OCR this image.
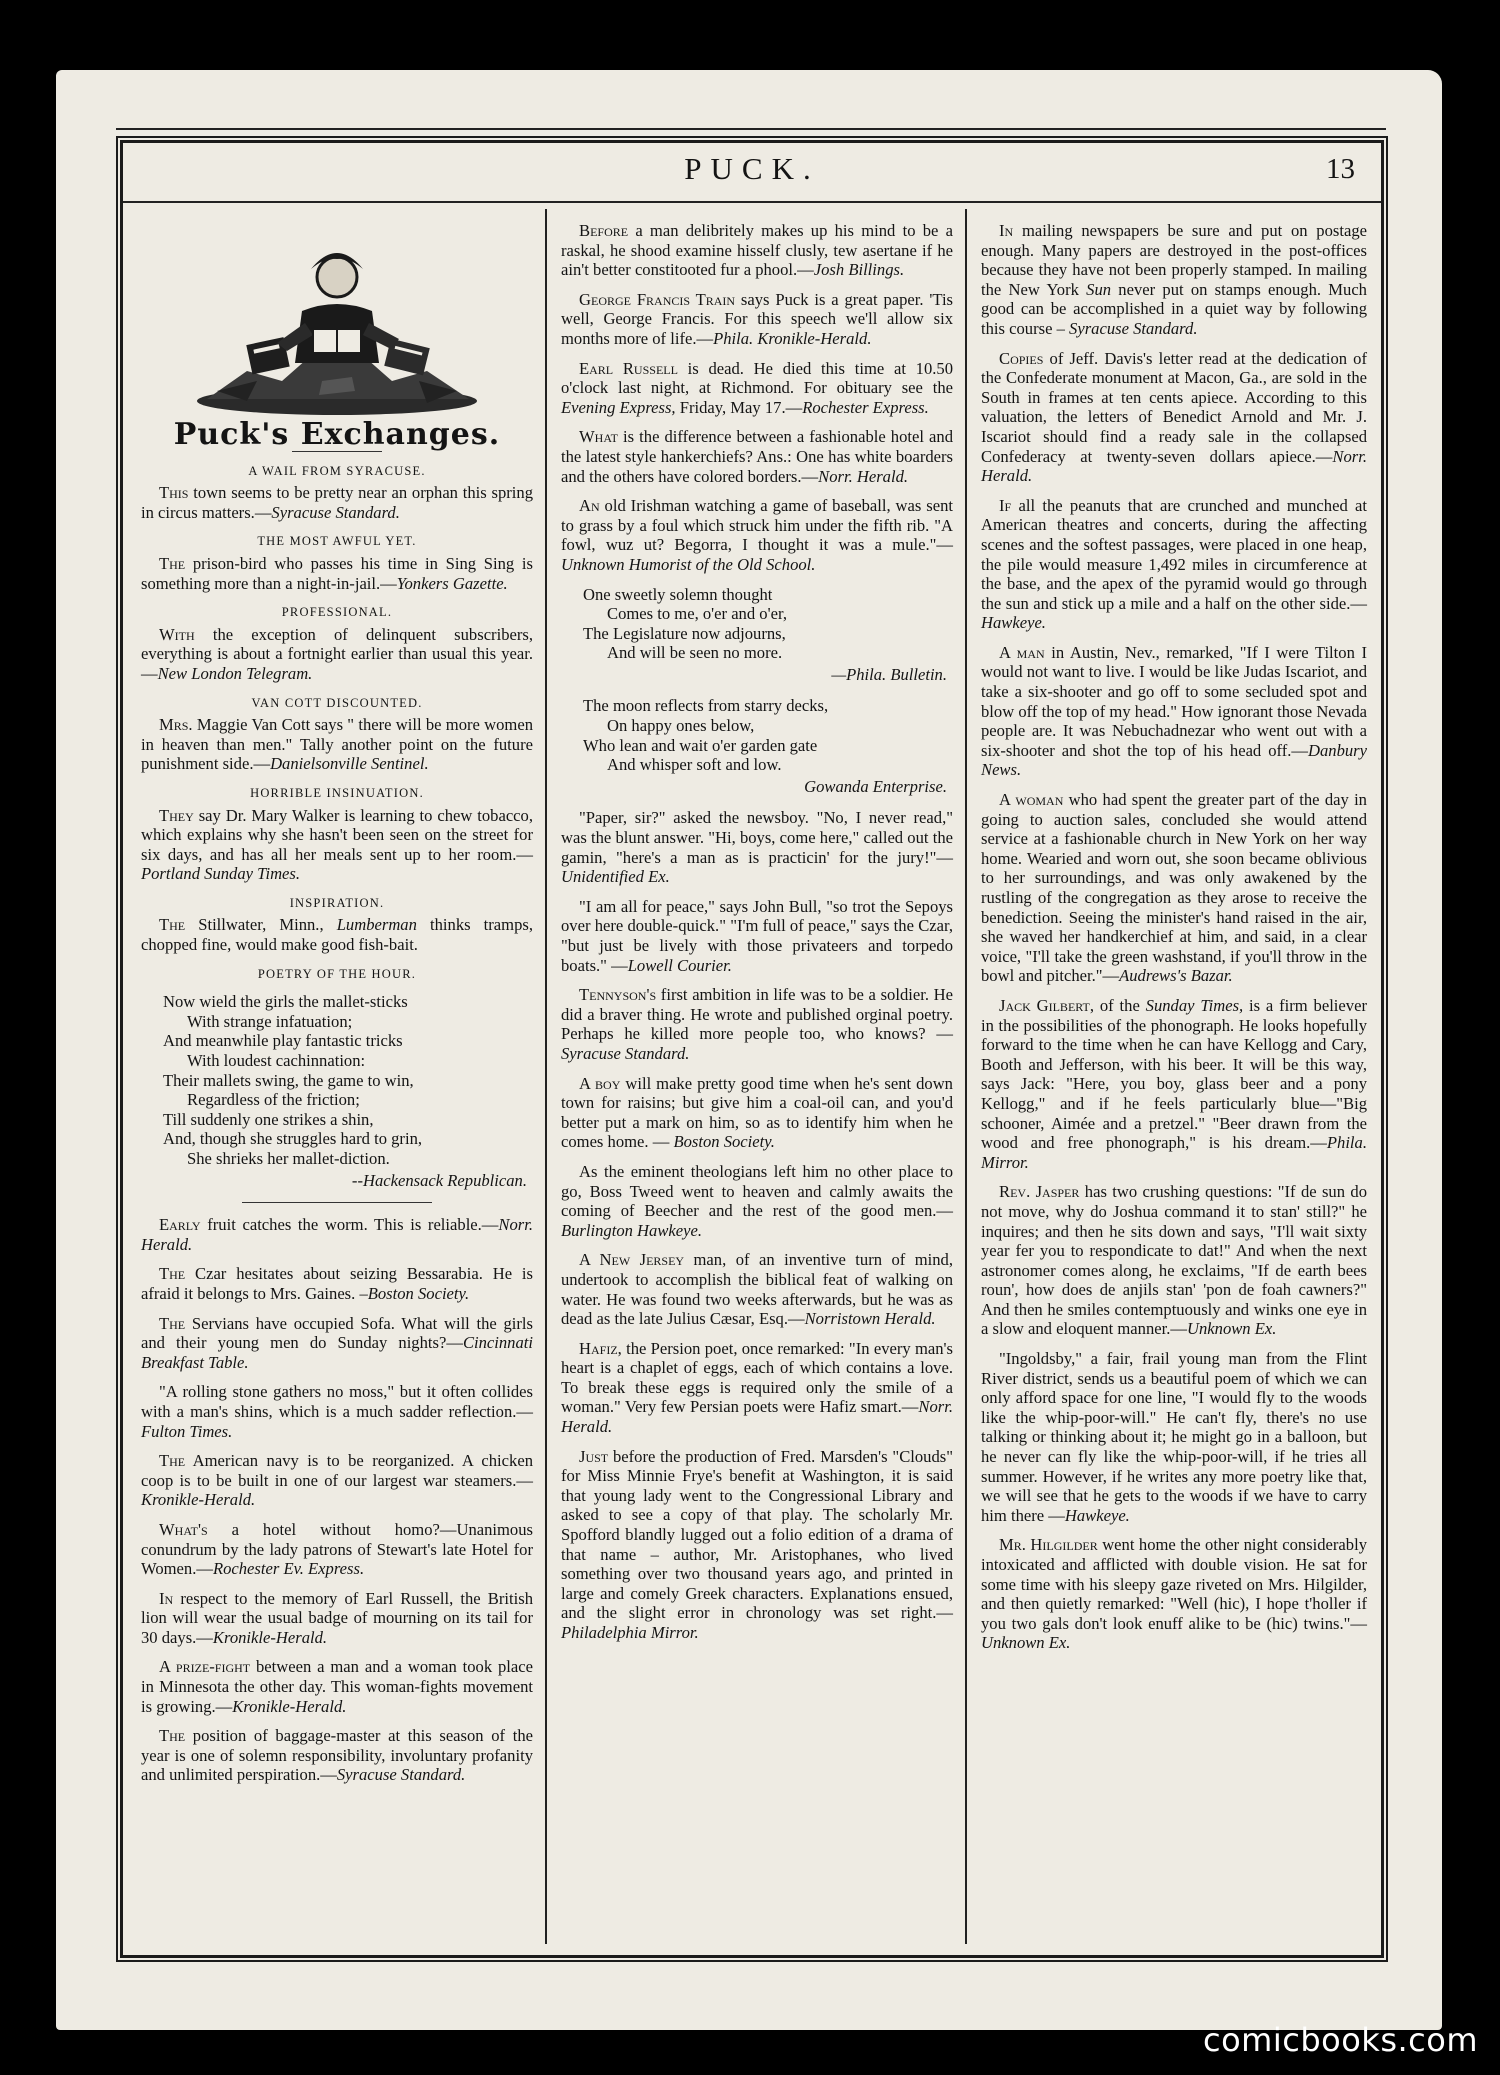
PUCK.	13
Puck's Exchanges.
A WAIL FROM SYRACUSE.

This town seems to be pretty near an orphan this spring in circus matters.—Syracuse Standard.

THE MOST AWFUL YET.

The prison-bird who passes his time in Sing Sing is something more than a night-in-jail.—Yonkers Gazette.

PROFESSIONAL.

With the exception of delinquent subscribers, everything is about a fortnight earlier than usual this year.—New London Telegram.

VAN COTT DISCOUNTED.

Mrs. Maggie Van Cott says " there will be more women in heaven than men." Tally another point on the future punishment side.—Danielsonville Sentinel.

HORRIBLE INSINUATION.

They say Dr. Mary Walker is learning to chew tobacco, which explains why she hasn't been seen on the street for six days, and has all her meals sent up to her room.—Portland Sunday Times.

INSPIRATION.

The Stillwater, Minn., Lumberman thinks tramps, chopped fine, would make good fish-bait.

POETRY OF THE HOUR.
Now wield the girls the mallet-sticks
With strange infatuation;
And meanwhile play fantastic tricks
With loudest cachinnation:
Their mallets swing, the game to win,
Regardless of the friction;
Till suddenly one strikes a shin,
And, though she struggles hard to grin,
She shrieks her mallet-diction.
--Hackensack Republican.

Early fruit catches the worm. This is reliable.—Norr. Herald.

The Czar hesitates about seizing Bessarabia. He is afraid it belongs to Mrs. Gaines. –Boston Society.

The Servians have occupied Sofa. What will the girls and their young men do Sunday nights?—Cincinnati Breakfast Table.

"A rolling stone gathers no moss," but it often collides with a man's shins, which is a much sadder reflection.—Fulton Times.

The American navy is to be reorganized. A chicken coop is to be built in one of our largest war steamers.—Kronikle-Herald.

What's a hotel without homo?—Unanimous conundrum by the lady patrons of Stewart's late Hotel for Women.—Rochester Ev. Express.

In respect to the memory of Earl Russell, the British lion will wear the usual badge of mourning on its tail for 30 days.—Kronikle-Herald.

A prize-fight between a man and a woman took place in Minnesota the other day. This woman-fights movement is growing.—Kronikle-Herald.

The position of baggage-master at this season of the year is one of solemn responsibility, involuntary profanity and unlimited perspiration.—Syracuse Standard.

Before a man delibritely makes up his mind to be a raskal, he shood examine hisself clusly, tew asertane if he ain't better constitooted fur a phool.—Josh Billings.

George Francis Train says Puck is a great paper. 'Tis well, George Francis. For this speech we'll allow six months more of life.—Phila. Kronikle-Herald.

Earl Russell is dead. He died this time at 10.50 o'clock last night, at Richmond. For obituary see the Evening Express, Friday, May 17.—Rochester Express.

What is the difference between a fashionable hotel and the latest style hankerchiefs? Ans.: One has white boarders and the others have colored borders.—Norr. Herald.

An old Irishman watching a game of baseball, was sent to grass by a foul which struck him under the fifth rib. "A fowl, wuz ut? Begorra, I thought it was a mule."—Unknown Humorist of the Old School.

One sweetly solemn thought
Comes to me, o'er and o'er,
The Legislature now adjourns,
And will be seen no more.
—Phila. Bulletin.
The moon reflects from starry decks,
On happy ones below,
Who lean and wait o'er garden gate
And whisper soft and low.
Gowanda Enterprise.

"Paper, sir?" asked the newsboy. "No, I never read," was the blunt answer. "Hi, boys, come here," called out the gamin, "here's a man as is practicin' for the jury!"—Unidentified Ex.

"I am all for peace," says John Bull, "so trot the Sepoys over here double-quick." "I'm full of peace," says the Czar, "but just be lively with those privateers and torpedo boats." —Lowell Courier.

Tennyson's first ambition in life was to be a soldier. He did a braver thing. He wrote and published orginal poetry. Perhaps he killed more people too, who knows? — Syracuse Standard.

A boy will make pretty good time when he's sent down town for raisins; but give him a coal-oil can, and you'd better put a mark on him, so as to identify him when he comes home. — Boston Society.

As the eminent theologians left him no other place to go, Boss Tweed went to heaven and calmly awaits the coming of Beecher and the rest of the good men.—Burlington Hawkeye.

A New Jersey man, of an inventive turn of mind, undertook to accomplish the biblical feat of walking on water. He was found two weeks afterwards, but he was as dead as the late Julius Cæsar, Esq.—Norristown Herald.

Hafiz, the Persion poet, once remarked: "In every man's heart is a chaplet of eggs, each of which contains a love. To break these eggs is required only the smile of a woman." Very few Persian poets were Hafiz smart.—Norr. Herald.

Just before the production of Fred. Marsden's "Clouds" for Miss Minnie Frye's benefit at Washington, it is said that young lady went to the Congressional Library and asked to see a copy of that play. The scholarly Mr. Spofford blandly lugged out a folio edition of a drama of that name – author, Mr. Aristophanes, who lived something over two thousand years ago, and printed in large and comely Greek characters. Explanations ensued, and the slight error in chronology was set right.—Philadelphia Mirror.

In mailing newspapers be sure and put on postage enough. Many papers are destroyed in the post-offices because they have not been properly stamped. In mailing the New York Sun never put on stamps enough. Much good can be accomplished in a quiet way by following this course – Syracuse Standard.

Copies of Jeff. Davis's letter read at the dedication of the Confederate monument at Macon, Ga., are sold in the South in frames at ten cents apiece. According to this valuation, the letters of Benedict Arnold and Mr. J. Iscariot should find a ready sale in the collapsed Confederacy at twenty-seven dollars apiece.—Norr. Herald.

If all the peanuts that are crunched and munched at American theatres and concerts, during the affecting scenes and the softest passages, were placed in one heap, the pile would measure 1,492 miles in circumference at the base, and the apex of the pyramid would go through the sun and stick up a mile and a half on the other side.—Hawkeye.

A man in Austin, Nev., remarked, "If I were Tilton I would not want to live. I would be like Judas Iscariot, and take a six-shooter and go off to some secluded spot and blow off the top of my head." How ignorant those Nevada people are. It was Nebuchadnezar who went out with a six-shooter and shot the top of his head off.—Danbury News.

A woman who had spent the greater part of the day in going to auction sales, concluded she would attend service at a fashionable church in New York on her way home. Wearied and worn out, she soon became oblivious to her surroundings, and was only awakened by the rustling of the congregation as they arose to receive the benediction. Seeing the minister's hand raised in the air, she waved her handkerchief at him, and said, in a clear voice, "I'll take the green washstand, if you'll throw in the bowl and pitcher."—Audrews's Bazar.

Jack Gilbert, of the Sunday Times, is a firm believer in the possibilities of the phonograph. He looks hopefully forward to the time when he can have Kellogg and Cary, Booth and Jefferson, with his beer. It will be this way, says Jack: "Here, you boy, glass beer and a pony Kellogg," and if he feels particularly blue—"Big schooner, Aimée and a pretzel." "Beer drawn from the wood and free phonograph," is his dream.—Phila. Mirror.

Rev. Jasper has two crushing questions: "If de sun do not move, why do Joshua command it to stan' still?" he inquires; and then he sits down and says, "I'll wait sixty year fer you to respondicate to dat!" And when the next astronomer comes along, he exclaims, "If de earth bees roun', how does de anjils stan' 'pon de foah cawners?" And then he smiles contemptuously and winks one eye in a slow and eloquent manner.—Unknown Ex.

"Ingoldsby," a fair, frail young man from the Flint River district, sends us a beautiful poem of which we can only afford space for one line, "I would fly to the woods like the whip-poor-will." He can't fly, there's no use talking or thinking about it; he might go in a balloon, but he never can fly like the whip-poor-will, if he tries all summer. However, if he writes any more poetry like that, we will see that he gets to the woods if we have to carry him there —Hawkeye.

Mr. Hilgilder went home the other night considerably intoxicated and afflicted with double vision. He sat for some time with his sleepy gaze riveted on Mrs. Hilgilder, and then quietly remarked: "Well (hic), I hope t'holler if you two gals don't look enuff alike to be (hic) twins."—Unknown Ex.

comicbooks.com
